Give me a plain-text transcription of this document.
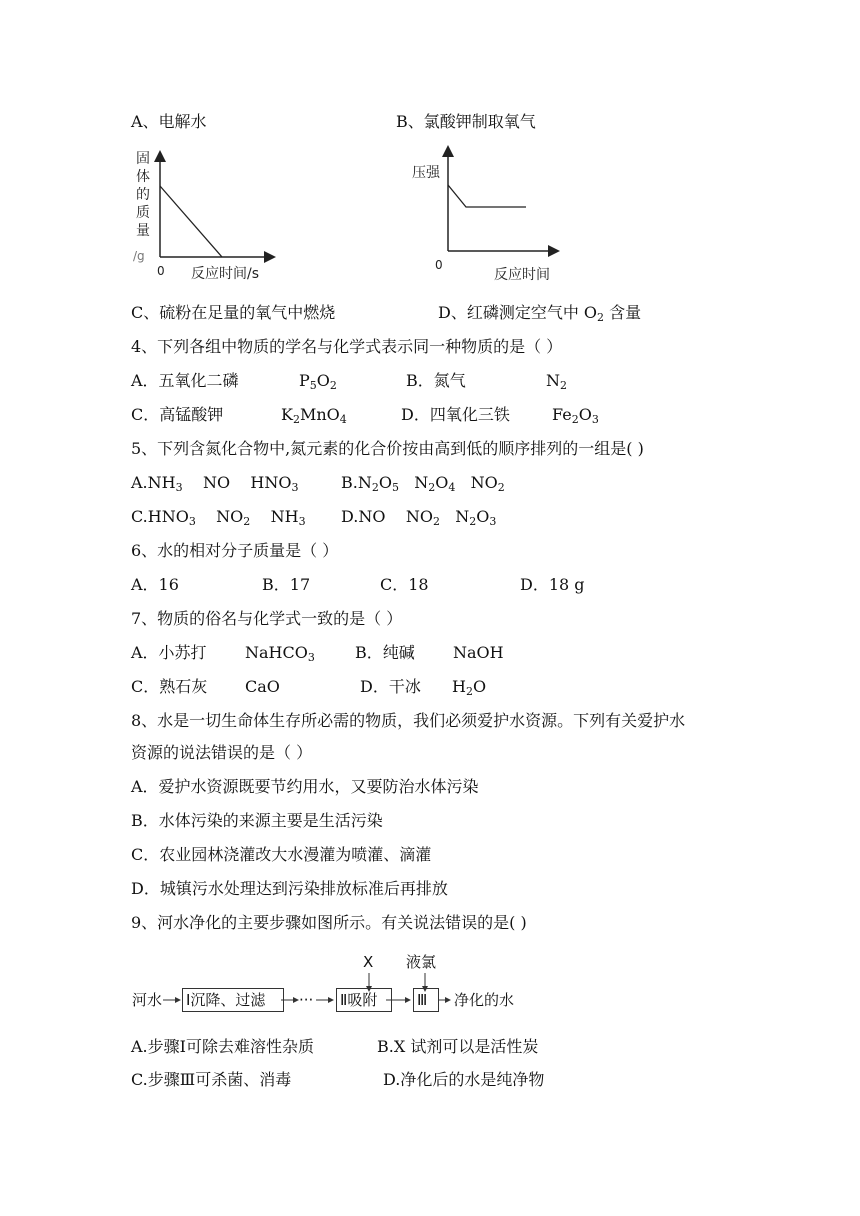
A、电解水	B、氯酸钾制取氧气
固
体
的
质
量
/g
0 反应时间/s
压强
0
反应时间
C、硫粉在足量的氧气中燃烧	D、红磷测定空气中 $O_2$ 含量
4、下列各组中物质的学名与化学式表示同一种物质的是（ ）
A．五氧化二磷	$P_5O_2$	B．氮气	$N_2$
C．高锰酸钾	$K_2MnO_4$	D．四氧化三铁	$Fe_2O_3$
5、下列含氮化合物中,氮元素的化合价按由高到低的顺序排列的一组是( )
$A.NH_3$ NO $HNO_3$	$B.N_2O_5$ $N_2O_4$ $NO_2$
$C.HNO_3$ $NO_2$ $NH_3$ D.NO $NO_2$ $N_2O_3$
6、水的相对分子质量是（ ）
A．16	B．17	C．18	D．18 g
7、物质的俗名与化学式一致的是（ ）
A．小苏打 NaHCO$_3$	B．纯碱 NaOH
C．熟石灰 CaO	D．干冰 $H_2O$
8、水是一切生命体生存所必需的物质，我们必须爱护水资源。下列有关爱护水
资源的说法错误的是（ ）
A．爱护水资源既要节约用水，又要防治水体污染
B．水体污染的来源主要是生活污染
C．农业园林浇灌改大水漫灌为喷灌、滴灌
D．城镇污水处理达到污染排放标准后再排放
9、河水净化的主要步骤如图所示。有关说法错误的是( )
X 液氯
河水 Ⅰ沉降、过滤	··· Ⅱ吸附	Ⅲ	净化的水
A.步骤Ⅰ可除去难溶性杂质	B.X 试剂可以是活性炭
C.步骤Ⅲ可杀菌、消毒	D.净化后的水是纯净物
